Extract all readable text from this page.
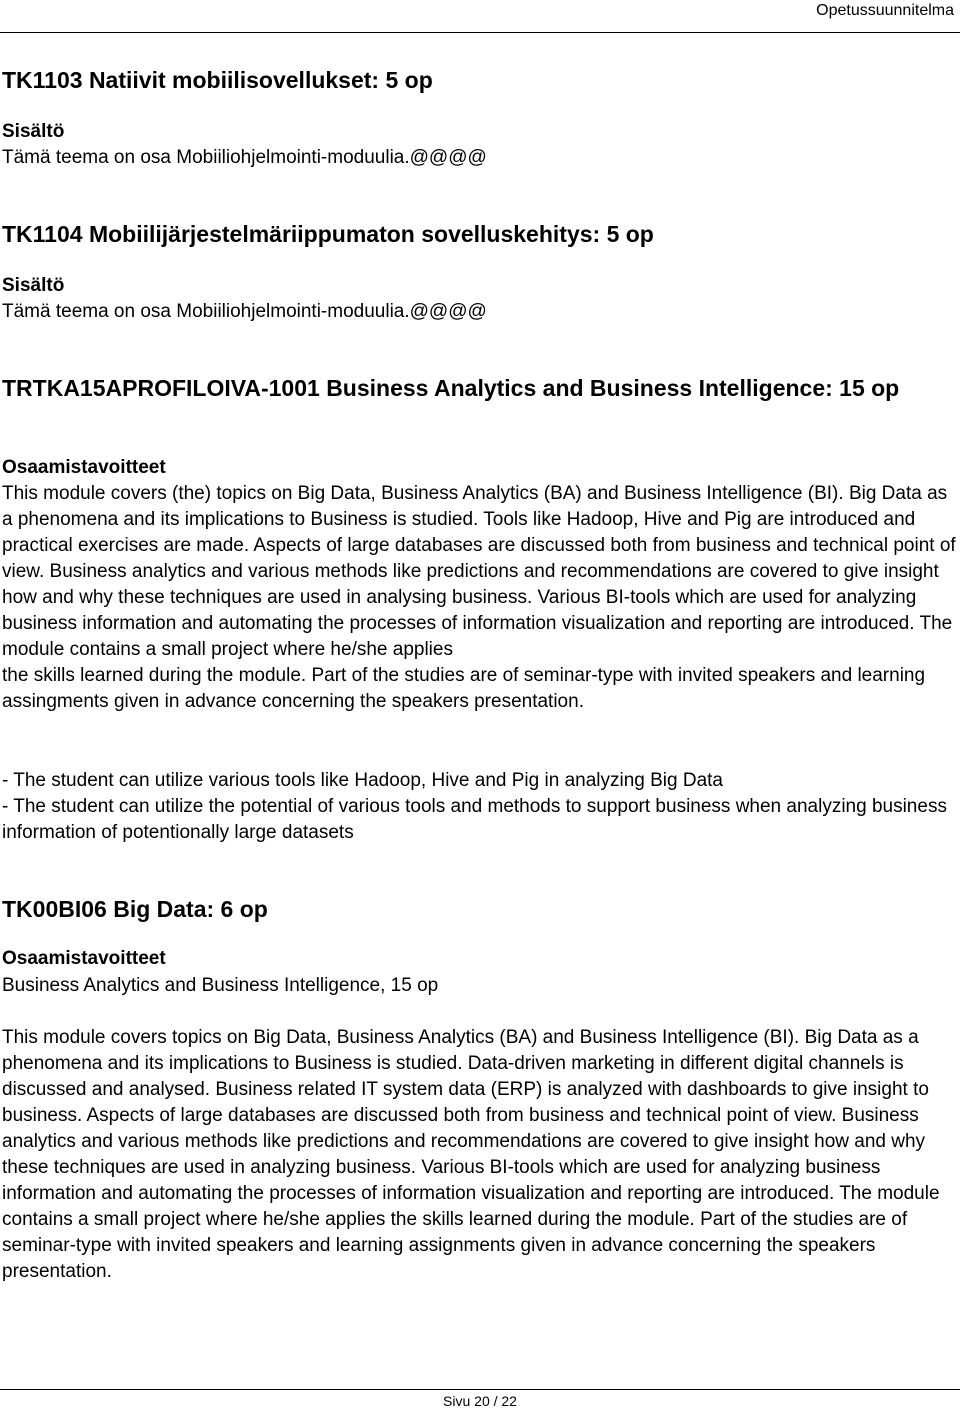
Opetussuunnitelma
TK1103 Natiivit mobiilisovellukset: 5 op
Sisältö
Tämä teema on osa Mobiiliohjelmointi-moduulia.@@@@
TK1104 Mobiilijärjestelmäriippumaton sovelluskehitys: 5 op
Sisältö
Tämä teema on osa Mobiiliohjelmointi-moduulia.@@@@
TRTKA15APROFILOIVA-1001 Business Analytics and Business Intelligence: 15 op
Osaamistavoitteet

This module covers (the) topics on Big Data, Business Analytics (BA) and Business Intelligence (BI). Big Data as a phenomena and its implications to Business is studied. Tools like Hadoop, Hive and Pig are introduced and practical exercises are made. Aspects of large databases are discussed both from business and technical point of view. Business analytics and various methods like predictions and recommendations are covered to give insight how and why these techniques are used in analysing business. Various BI-tools which are used for analyzing business information and automating the processes of information visualization and reporting are introduced. The module contains a small project where he/she applies

the skills learned during the module. Part of the studies are of seminar-type with invited speakers and learning assingments given in advance concerning the speakers presentation.

- The student can utilize various tools like Hadoop, Hive and Pig in analyzing Big Data

- The student can utilize the potential of various tools and methods to support business when analyzing business information of potentionally large datasets

TK00BI06 Big Data: 6 op
Osaamistavoitteet
Business Analytics and Business Intelligence, 15 op
This module covers topics on Big Data, Business Analytics (BA) and Business Intelligence (BI). Big Data as a phenomena and its implications to Business is studied. Data-driven marketing in different digital channels is discussed and analysed. Business related IT system data (ERP) is analyzed with dashboards to give insight to business. Aspects of large databases are discussed both from business and technical point of view. Business analytics and various methods like predictions and recommendations are covered to give insight how and why these techniques are used in analyzing business. Various BI-tools which are used for analyzing business information and automating the processes of information visualization and reporting are introduced. The module contains a small project where he/she applies the skills learned during the module. Part of the studies are of seminar-type with invited speakers and learning assignments given in advance concerning the speakers presentation.
Sivu 20 / 22
